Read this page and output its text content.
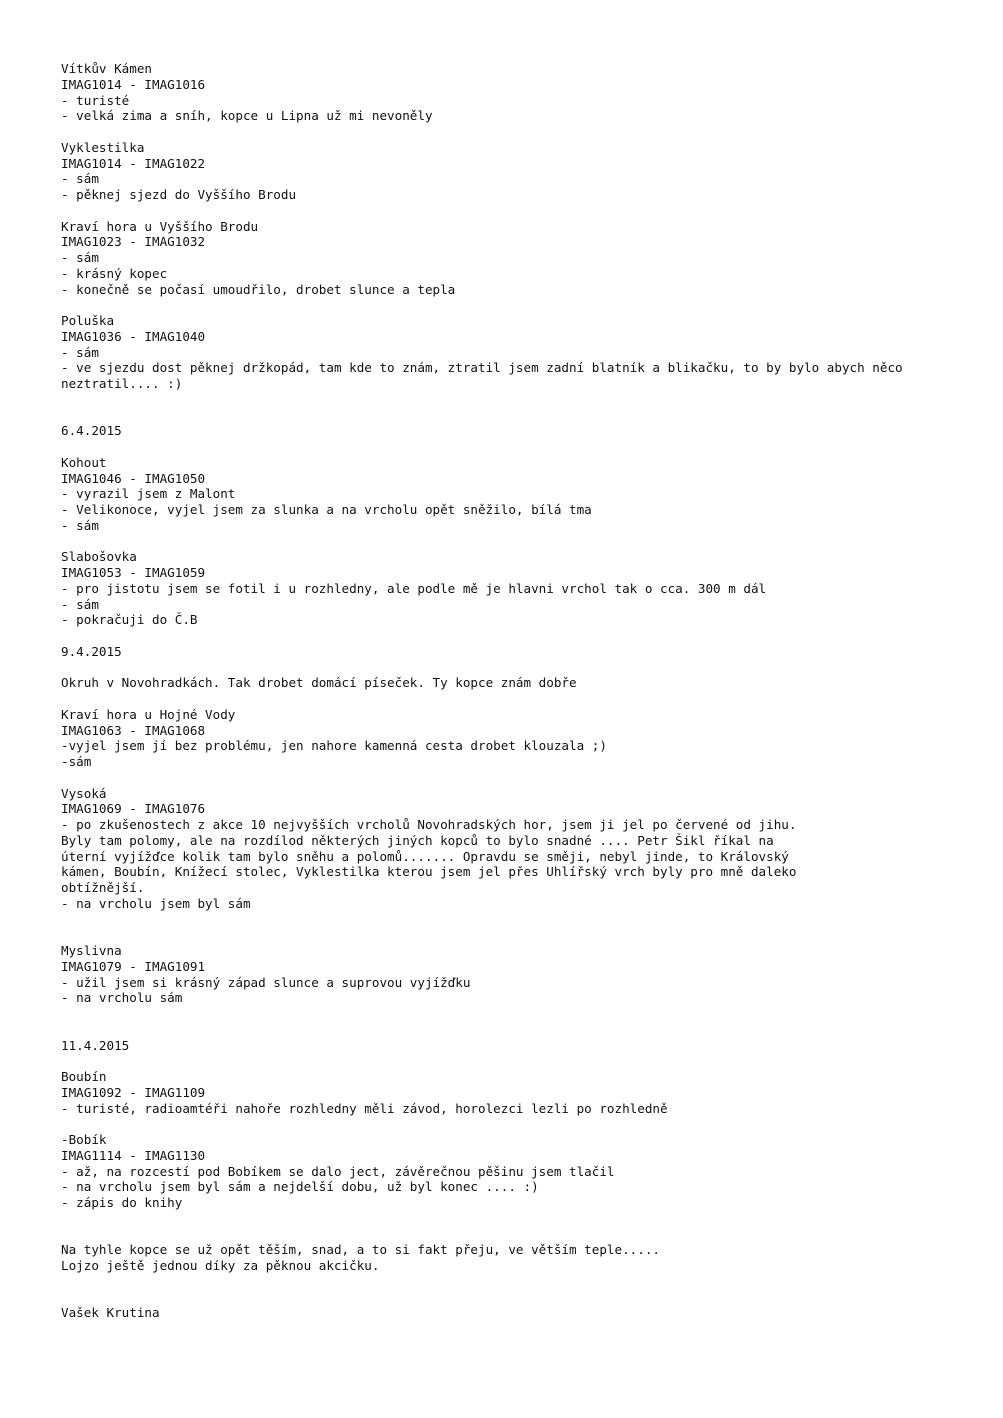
Vítkův Kámen
IMAG1014 - IMAG1016
- turisté
- velká zima a sníh, kopce u Lipna už mi nevoněly
Vyklestilka
IMAG1014 - IMAG1022
- sám
- pěknej sjezd do Vyššího Brodu
Kraví hora u Vyššího Brodu
IMAG1023 - IMAG1032
- sám
- krásný kopec
- konečně se počasí umoudřilo, drobet slunce a tepla
Poluška
IMAG1036 - IMAG1040
- sám
- ve sjezdu dost pěknej držkopád, tam kde to znám, ztratil jsem zadní blatník a blikačku, to by bylo abych něco
neztratil.... :)
6.4.2015
Kohout
IMAG1046 - IMAG1050
- vyrazil jsem z Malont
- Velikonoce, vyjel jsem za slunka a na vrcholu opět sněžilo, bílá tma
- sám
Slabošovka
IMAG1053 - IMAG1059
- pro jistotu jsem se fotil i u rozhledny, ale podle mě je hlavni vrchol tak o cca. 300 m dál
- sám
- pokračuji do Č.B
9.4.2015
Okruh v Novohradkách. Tak drobet domácí píseček. Ty kopce znám dobře
Kraví hora u Hojné Vody
IMAG1063 - IMAG1068
-vyjel jsem jí bez problému, jen nahore kamenná cesta drobet klouzala ;)
-sám
Vysoká
IMAG1069 - IMAG1076
- po zkušenostech z akce 10 nejvyšších vrcholů Novohradských hor, jsem ji jel po červené od jihu.
Byly tam polomy, ale na rozdílod některých jiných kopců to bylo snadné .... Petr Šikl říkal na
úterní vyjížďce kolik tam bylo sněhu a polomů....... Opravdu se směji, nebyl jinde, to Královský
kámen, Boubín, Knížecí stolec, Vyklestilka kterou jsem jel přes Uhlířský vrch byly pro mně daleko
obtížnější.
- na vrcholu jsem byl sám
Myslivna
IMAG1079 - IMAG1091
- užil jsem si krásný západ slunce a suprovou vyjížďku
- na vrcholu sám
11.4.2015
Boubín
IMAG1092 - IMAG1109
- turisté, radioamtéři nahoře rozhledny měli závod, horolezci lezli po rozhledně
-Bobík
IMAG1114 - IMAG1130
- až, na rozcestí pod Bobíkem se dalo ject, závěrečnou pěšinu jsem tlačil
- na vrcholu jsem byl sám a nejdelší dobu, už byl konec .... :)
- zápis do knihy
Na tyhle kopce se už opět těším, snad, a to si fakt přeju, ve větším teple.....
Lojzo ještě jednou díky za pěknou akcičku.
Vašek Krutina
